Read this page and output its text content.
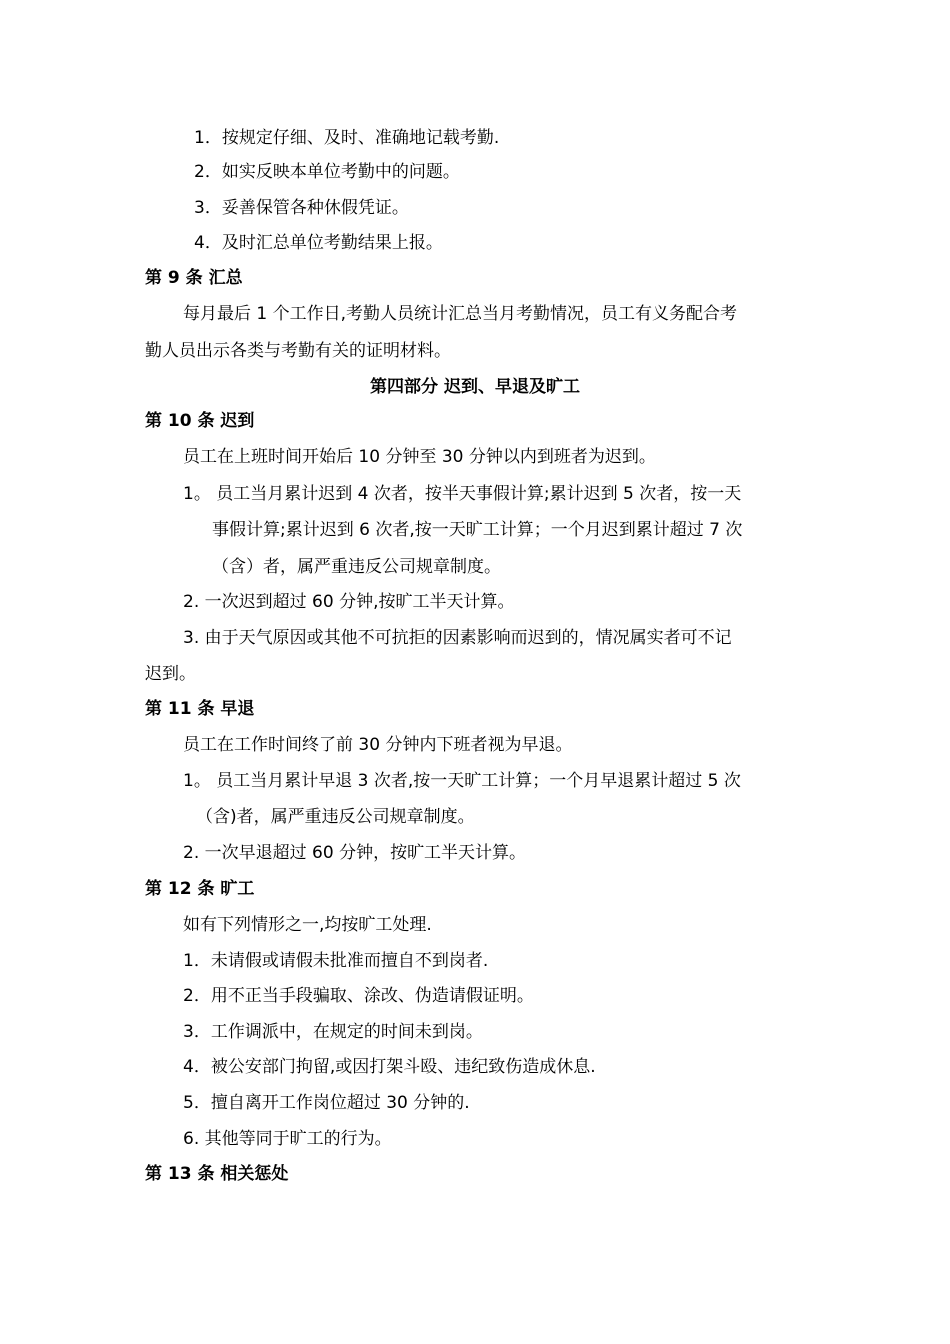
1．按规定仔细、及时、准确地记载考勤.
2．如实反映本单位考勤中的问题。
3．妥善保管各种休假凭证。
4．及时汇总单位考勤结果上报。
第 9 条 汇总
每月最后 1 个工作日,考勤人员统计汇总当月考勤情况，员工有义务配合考
勤人员出示各类与考勤有关的证明材料。
第四部分 迟到、早退及旷工
第 10 条 迟到
员工在上班时间开始后 10 分钟至 30 分钟以内到班者为迟到。
1。 员工当月累计迟到 4 次者，按半天事假计算;累计迟到 5 次者，按一天
事假计算;累计迟到 6 次者,按一天旷工计算；一个月迟到累计超过 7 次
（含）者，属严重违反公司规章制度。
2. 一次迟到超过 60 分钟,按旷工半天计算。
3. 由于天气原因或其他不可抗拒的因素影响而迟到的，情况属实者可不记
迟到。
第 11 条 早退
员工在工作时间终了前 30 分钟内下班者视为早退。
1。 员工当月累计早退 3 次者,按一天旷工计算；一个月早退累计超过 5 次
（含)者，属严重违反公司规章制度。
2. 一次早退超过 60 分钟，按旷工半天计算。
第 12 条 旷工
如有下列情形之一,均按旷工处理.
1．未请假或请假未批准而擅自不到岗者.
2．用不正当手段骗取、涂改、伪造请假证明。
3．工作调派中，在规定的时间未到岗。
4．被公安部门拘留,或因打架斗殴、违纪致伤造成休息.
5．擅自离开工作岗位超过 30 分钟的.
6. 其他等同于旷工的行为。
第 13 条 相关惩处
